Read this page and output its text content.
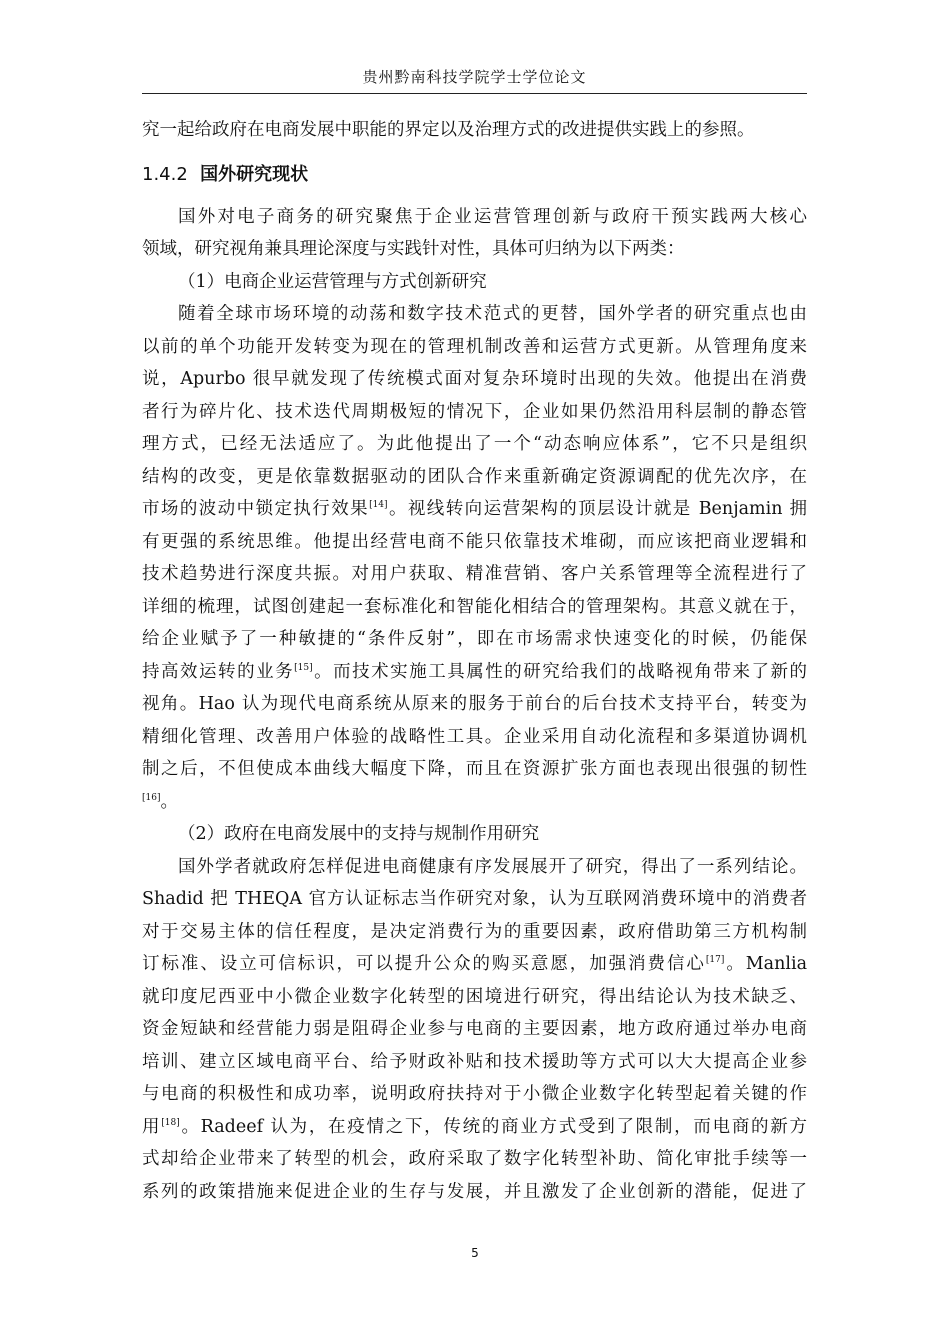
贵州黔南科技学院学士学位论文
究一起给政府在电商发展中职能的界定以及治理方式的改进提供实践上的参照。
1.4.2 国外研究现状
国外对电子商务的研究聚焦于企业运营管理创新与政府干预实践两大核心
领域，研究视角兼具理论深度与实践针对性，具体可归纳为以下两类：
（1）电商企业运营管理与方式创新研究
随着全球市场环境的动荡和数字技术范式的更替，国外学者的研究重点也由
以前的单个功能开发转变为现在的管理机制改善和运营方式更新。从管理角度来
说，Apurbo 很早就发现了传统模式面对复杂环境时出现的失效。他提出在消费
者行为碎片化、技术迭代周期极短的情况下，企业如果仍然沿用科层制的静态管
理方式，已经无法适应了。为此他提出了一个“动态响应体系”，它不只是组织
结构的改变，更是依靠数据驱动的团队合作来重新确定资源调配的优先次序，在
市场的波动中锁定执行效果[14]。视线转向运营架构的顶层设计就是 Benjamin 拥
有更强的系统思维。他提出经营电商不能只依靠技术堆砌，而应该把商业逻辑和
技术趋势进行深度共振。对用户获取、精准营销、客户关系管理等全流程进行了
详细的梳理，试图创建起一套标准化和智能化相结合的管理架构。其意义就在于，
给企业赋予了一种敏捷的“条件反射”，即在市场需求快速变化的时候，仍能保
持高效运转的业务[15]。而技术实施工具属性的研究给我们的战略视角带来了新的
视角。Hao 认为现代电商系统从原来的服务于前台的后台技术支持平台，转变为
精细化管理、改善用户体验的战略性工具。企业采用自动化流程和多渠道协调机
制之后，不但使成本曲线大幅度下降，而且在资源扩张方面也表现出很强的韧性
[16]。
（2）政府在电商发展中的支持与规制作用研究
国外学者就政府怎样促进电商健康有序发展展开了研究，得出了一系列结论。
Shadid 把 THEQA 官方认证标志当作研究对象，认为互联网消费环境中的消费者
对于交易主体的信任程度，是决定消费行为的重要因素，政府借助第三方机构制
订标准、设立可信标识，可以提升公众的购买意愿，加强消费信心[17]。Manlia
就印度尼西亚中小微企业数字化转型的困境进行研究，得出结论认为技术缺乏、
资金短缺和经营能力弱是阻碍企业参与电商的主要因素，地方政府通过举办电商
培训、建立区域电商平台、给予财政补贴和技术援助等方式可以大大提高企业参
与电商的积极性和成功率，说明政府扶持对于小微企业数字化转型起着关键的作
用[18]。Radeef 认为，在疫情之下，传统的商业方式受到了限制，而电商的新方
式却给企业带来了转型的机会，政府采取了数字化转型补助、简化审批手续等一
系列的政策措施来促进企业的生存与发展，并且激发了企业创新的潜能，促进了
5
